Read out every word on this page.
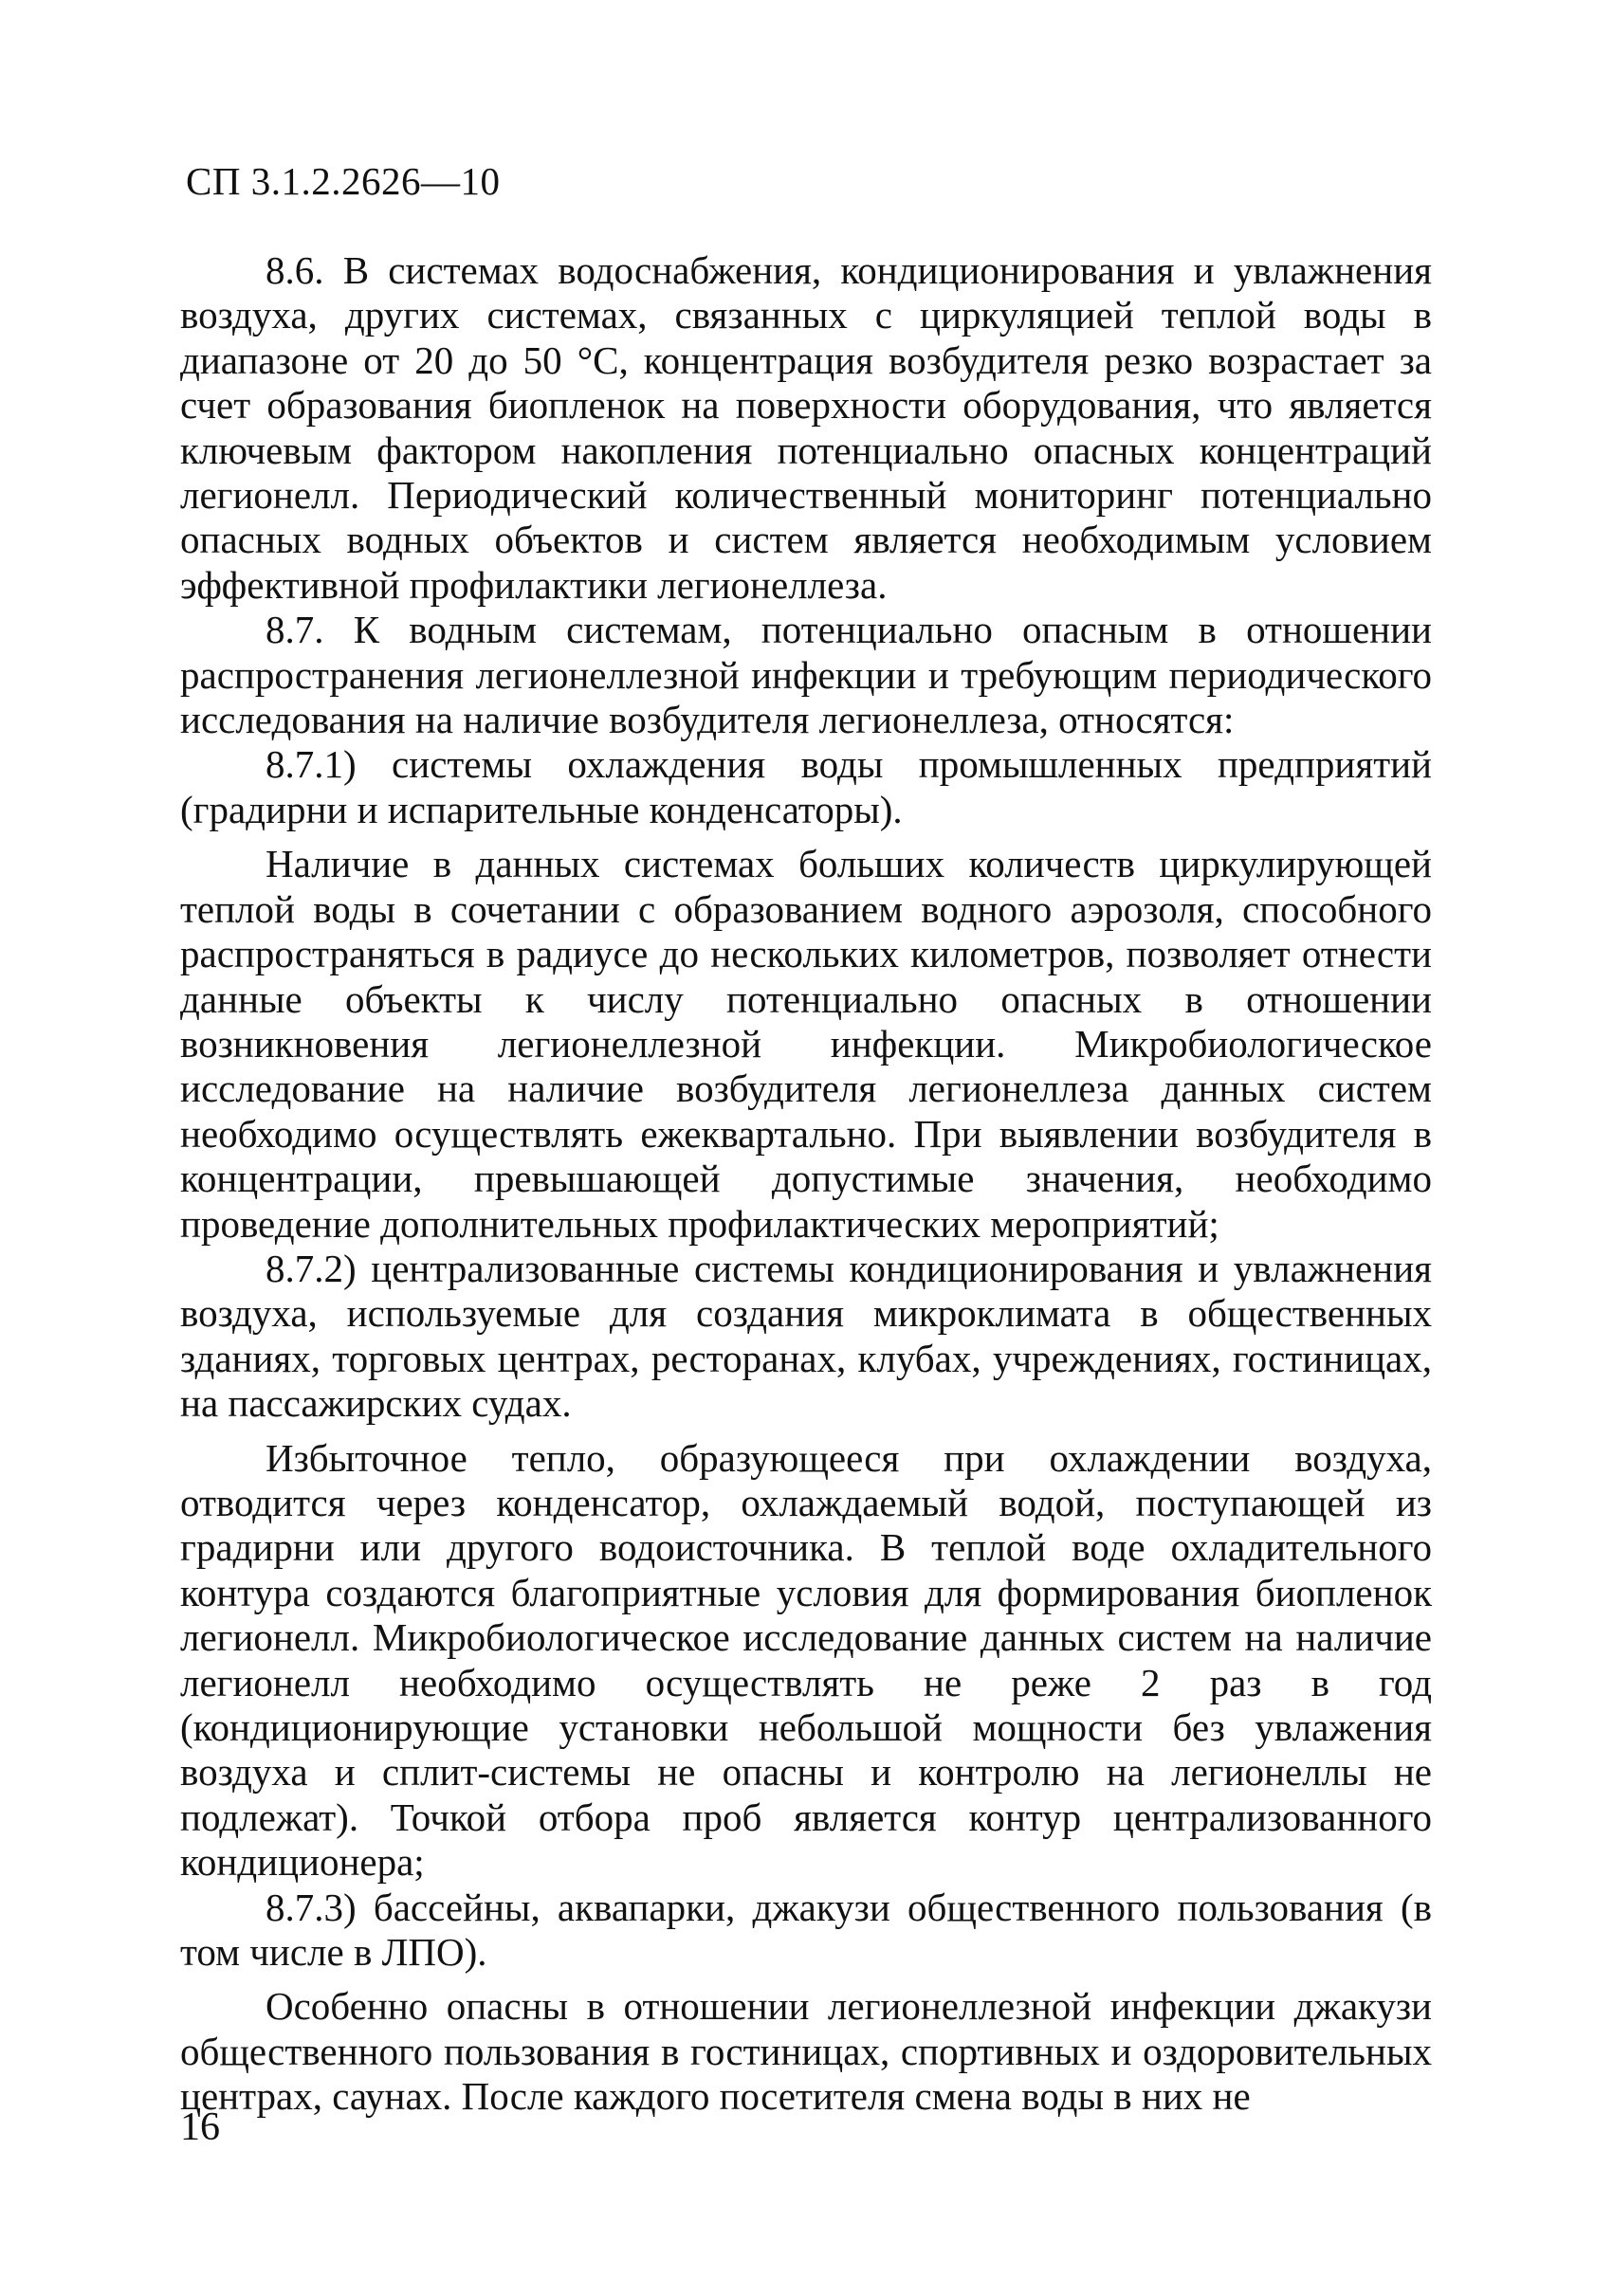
СП 3.1.2.2626—10

8.6. В системах водоснабжения, кондиционирования и увлажнения воздуха, других системах, связанных с циркуляцией теплой воды в диапазоне от 20 до 50 °С, концентрация возбудителя резко возрастает за счет образования биопленок на поверхности оборудования, что является ключевым фактором накопления потенциально опасных концентраций легионелл. Периодический количественный мониторинг потенциально опасных водных объектов и систем является необходимым условием эффективной профилактики легионеллеза.

8.7. К водным системам, потенциально опасным в отношении распространения легионеллезной инфекции и требующим периодического исследования на наличие возбудителя легионеллеза, относятся:

8.7.1) системы охлаждения воды промышленных предприятий (градирни и испарительные конденсаторы).

Наличие в данных системах больших количеств циркулирующей теплой воды в сочетании с образованием водного аэрозоля, способного распространяться в радиусе до нескольких километров, позволяет отнести данные объекты к числу потенциально опасных в отношении возникновения легионеллезной инфекции. Микробиологическое исследование на наличие возбудителя легионеллеза данных систем необходимо осуществлять ежеквартально. При выявлении возбудителя в концентрации, превышающей допустимые значения, необходимо проведение дополнительных профилактических мероприятий;

8.7.2) централизованные системы кондиционирования и увлажнения воздуха, используемые для создания микроклимата в общественных зданиях, торговых центрах, ресторанах, клубах, учреждениях, гостиницах, на пассажирских судах.

Избыточное тепло, образующееся при охлаждении воздуха, отводится через конденсатор, охлаждаемый водой, поступающей из градирни или другого водоисточника. В теплой воде охладительного контура создаются благоприятные условия для формирования биопленок легионелл. Микробиологическое исследование данных систем на наличие легионелл необходимо осуществлять не реже 2 раз в год (кондиционирующие установки небольшой мощности без увлажения воздуха и сплит-системы не опасны и контролю на легионеллы не подлежат). Точкой отбора проб является контур централизованного кондиционера;

8.7.3) бассейны, аквапарки, джакузи общественного пользования (в том числе в ЛПО).

Особенно опасны в отношении легионеллезной инфекции джакузи общественного пользования в гостиницах, спортивных и оздоровительных центрах, саунах. После каждого посетителя смена воды в них не

16
